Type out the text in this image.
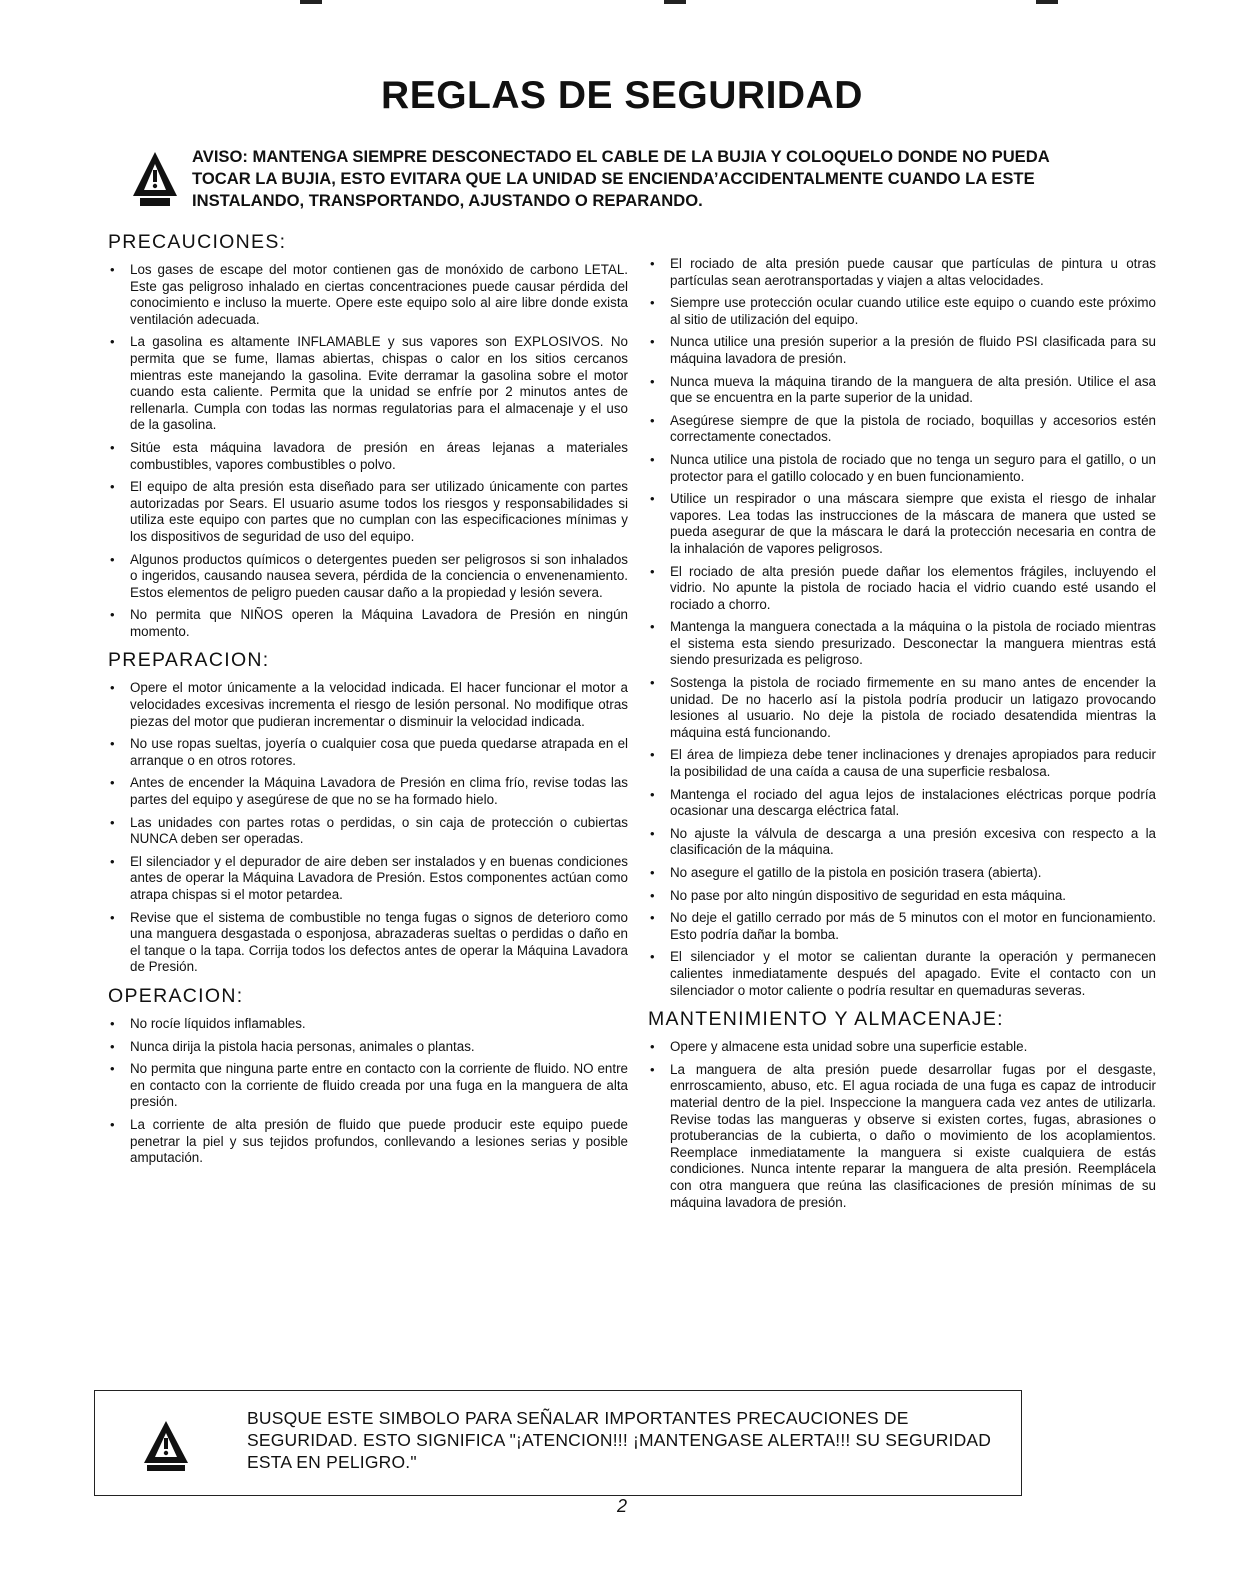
REGLAS DE SEGURIDAD
AVISO: MANTENGA SIEMPRE DESCONECTADO EL CABLE DE LA BUJIA Y COLOQUELO DONDE NO PUEDA TOCAR LA BUJIA, ESTO EVITARA QUE LA UNIDAD SE ENCIENDA’ACCIDENTALMENTE CUANDO LA ESTE INSTALANDO, TRANSPORTANDO, AJUSTANDO O REPARANDO.
PRECAUCIONES:
• Los gases de escape del motor contienen gas de monóxido de carbono LETAL. Este gas peligroso inhalado en ciertas concentraciones puede causar pérdida del conocimiento e incluso la muerte. Opere este equipo solo al aire libre donde exista ventilación adecuada.
• La gasolina es altamente INFLAMABLE y sus vapores son EXPLOSIVOS. No permita que se fume, llamas abiertas, chispas o calor en los sitios cercanos mientras este manejando la gasolina. Evite derramar la gasolina sobre el motor cuando esta caliente. Permita que la unidad se enfríe por 2 minutos antes de rellenarla. Cumpla con todas las normas regulatorias para el almacenaje y el uso de la gasolina.
• Sitúe esta máquina lavadora de presión en áreas lejanas a materiales combustibles, vapores combustibles o polvo.
• El equipo de alta presión esta diseñado para ser utilizado únicamente con partes autorizadas por Sears. El usuario asume todos los riesgos y responsabilidades si utiliza este equipo con partes que no cumplan con las especificaciones mínimas y los dispositivos de seguridad de uso del equipo.
• Algunos productos químicos o detergentes pueden ser peligrosos si son inhalados o ingeridos, causando nausea severa, pérdida de la conciencia o envenenamiento. Estos elementos de peligro pueden causar daño a la propiedad y lesión severa.
• No permita que NIÑOS operen la Máquina Lavadora de Presión en ningún momento.
PREPARACION:
• Opere el motor únicamente a la velocidad indicada. El hacer funcionar el motor a velocidades excesivas incrementa el riesgo de lesión personal. No modifique otras piezas del motor que pudieran incrementar o disminuir la velocidad indicada.
• No use ropas sueltas, joyería o cualquier cosa que pueda quedarse atrapada en el arranque o en otros rotores.
• Antes de encender la Máquina Lavadora de Presión en clima frío, revise todas las partes del equipo y asegúrese de que no se ha formado hielo.
• Las unidades con partes rotas o perdidas, o sin caja de protección o cubiertas NUNCA deben ser operadas.
• El silenciador y el depurador de aire deben ser instalados y en buenas condiciones antes de operar la Máquina Lavadora de Presión. Estos componentes actúan como atrapa chispas si el motor petardea.
• Revise que el sistema de combustible no tenga fugas o signos de deterioro como una manguera desgastada o esponjosa, abrazaderas sueltas o perdidas o daño en el tanque o la tapa. Corrija todos los defectos antes de operar la Máquina Lavadora de Presión.
OPERACION:
• No rocíe líquidos inflamables.
• Nunca dirija la pistola hacia personas, animales o plantas.
• No permita que ninguna parte entre en contacto con la corriente de fluido. NO entre en contacto con la corriente de fluido creada por una fuga en la manguera de alta presión.
• La corriente de alta presión de fluido que puede producir este equipo puede penetrar la piel y sus tejidos profundos, conllevando a lesiones serias y posible amputación.
• El rociado de alta presión puede causar que partículas de pintura u otras partículas sean aerotransportadas y viajen a altas velocidades.
• Siempre use protección ocular cuando utilice este equipo o cuando este próximo al sitio de utilización del equipo.
• Nunca utilice una presión superior a la presión de fluido PSI clasificada para su máquina lavadora de presión.
• Nunca mueva la máquina tirando de la manguera de alta presión. Utilice el asa que se encuentra en la parte superior de la unidad.
• Asegúrese siempre de que la pistola de rociado, boquillas y accesorios estén correctamente conectados.
• Nunca utilice una pistola de rociado que no tenga un seguro para el gatillo, o un protector para el gatillo colocado y en buen funcionamiento.
• Utilice un respirador o una máscara siempre que exista el riesgo de inhalar vapores. Lea todas las instrucciones de la máscara de manera que usted se pueda asegurar de que la máscara le dará la protección necesaria en contra de la inhalación de vapores peligrosos.
• El rociado de alta presión puede dañar los elementos frágiles, incluyendo el vidrio. No apunte la pistola de rociado hacia el vidrio cuando esté usando el rociado a chorro.
• Mantenga la manguera conectada a la máquina o la pistola de rociado mientras el sistema esta siendo presurizado. Desconectar la manguera mientras está siendo presurizada es peligroso.
• Sostenga la pistola de rociado firmemente en su mano antes de encender la unidad. De no hacerlo así la pistola podría producir un latigazo provocando lesiones al usuario. No deje la pistola de rociado desatendida mientras la máquina está funcionando.
• El área de limpieza debe tener inclinaciones y drenajes apropiados para reducir la posibilidad de una caída a causa de una superficie resbalosa.
• Mantenga el rociado del agua lejos de instalaciones eléctricas porque podría ocasionar una descarga eléctrica fatal.
• No ajuste la válvula de descarga a una presión excesiva con respecto a la clasificación de la máquina.
• No asegure el gatillo de la pistola en posición trasera (abierta).
• No pase por alto ningún dispositivo de seguridad en esta máquina.
• No deje el gatillo cerrado por más de 5 minutos con el motor en funcionamiento. Esto podría dañar la bomba.
• El silenciador y el motor se calientan durante la operación y permanecen calientes inmediatamente después del apagado. Evite el contacto con un silenciador o motor caliente o podría resultar en quemaduras severas.
MANTENIMIENTO Y ALMACENAJE:
• Opere y almacene esta unidad sobre una superficie estable.
• La manguera de alta presión puede desarrollar fugas por el desgaste, enrroscamiento, abuso, etc. El agua rociada de una fuga es capaz de introducir material dentro de la piel. Inspeccione la manguera cada vez antes de utilizarla. Revise todas las mangueras y observe si existen cortes, fugas, abrasiones o protuberancias de la cubierta, o daño o movimiento de los acoplamientos. Reemplace inmediatamente la manguera si existe cualquiera de estás condiciones. Nunca intente reparar la manguera de alta presión. Reemplácela con otra manguera que reúna las clasificaciones de presión mínimas de su máquina lavadora de presión.
BUSQUE ESTE SIMBOLO PARA SEÑALAR IMPORTANTES PRECAUCIONES DE SEGURIDAD. ESTO SIGNIFICA "¡ATENCION!!! ¡MANTENGASE ALERTA!!! SU SEGURIDAD ESTA EN PELIGRO."
2
